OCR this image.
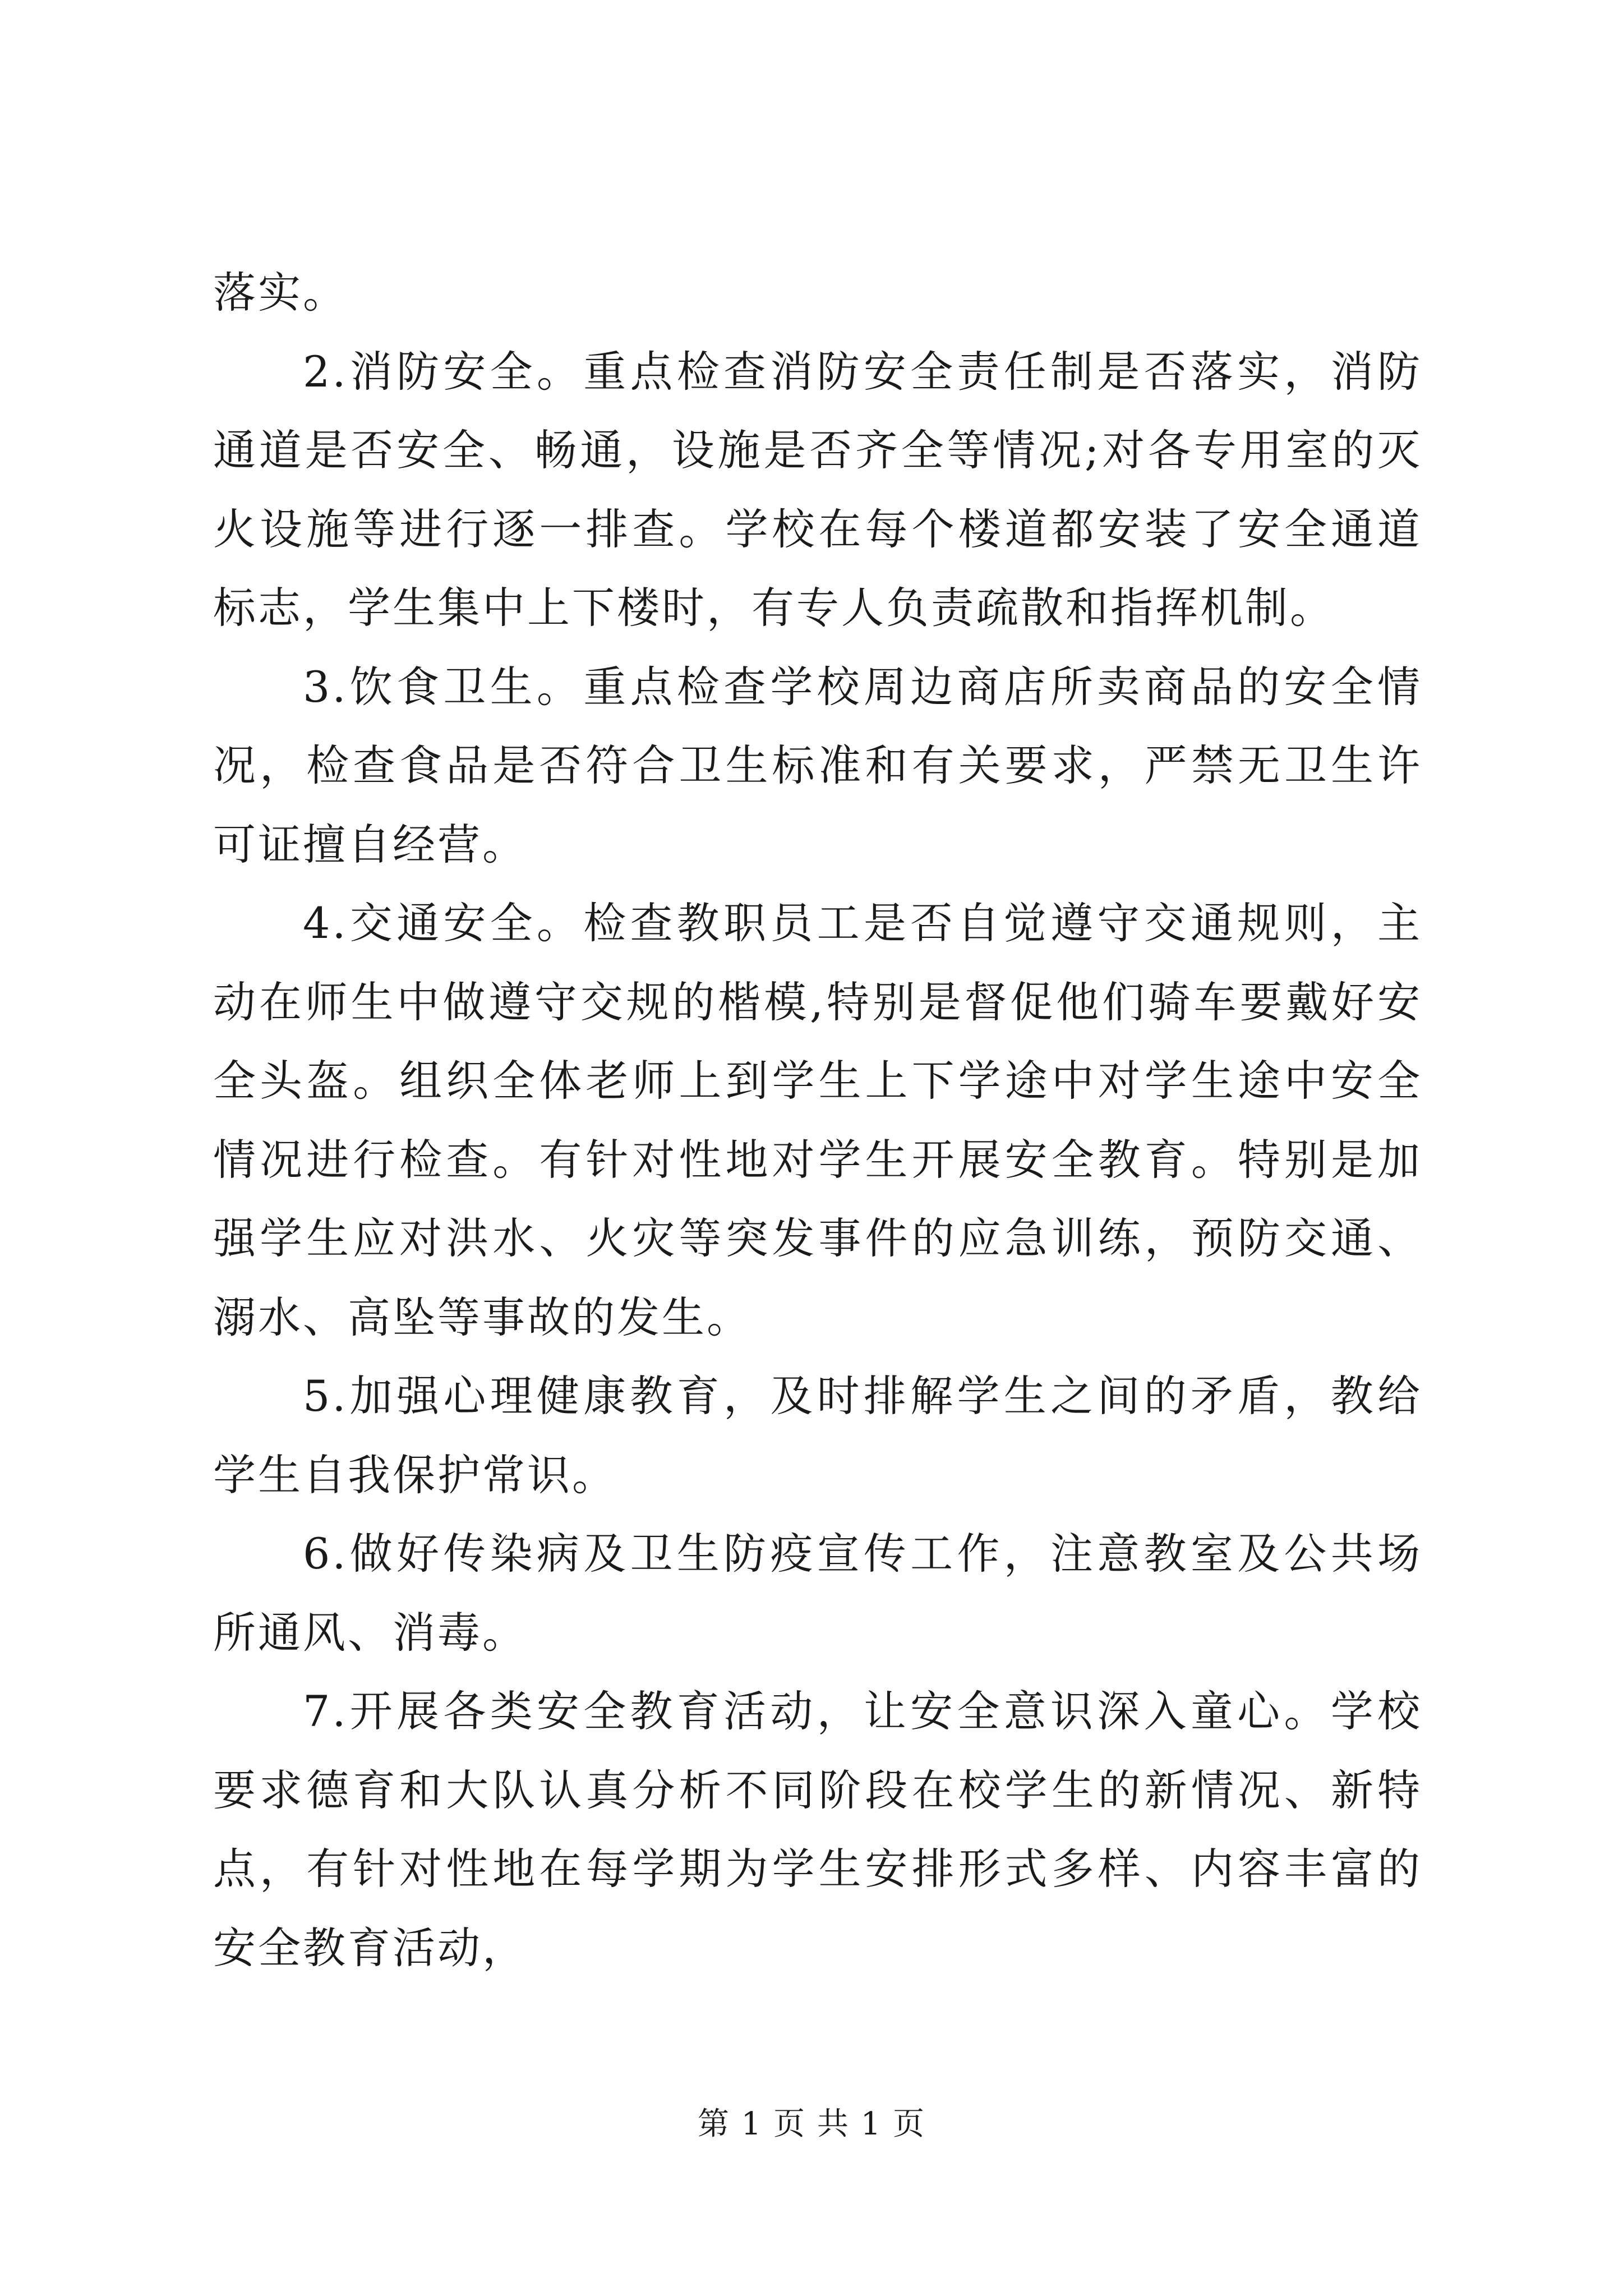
落实。

2.消防安全。重点检查消防安全责任制是否落实，消防通道是否安全、畅通，设施是否齐全等情况;对各专用室的灭火设施等进行逐一排查。学校在每个楼道都安装了安全通道标志，学生集中上下楼时，有专人负责疏散和指挥机制。

3.饮食卫生。重点检查学校周边商店所卖商品的安全情况，检查食品是否符合卫生标准和有关要求，严禁无卫生许可证擅自经营。

4.交通安全。检查教职员工是否自觉遵守交通规则，主动在师生中做遵守交规的楷模,特别是督促他们骑车要戴好安全头盔。组织全体老师上到学生上下学途中对学生途中安全情况进行检查。有针对性地对学生开展安全教育。特别是加强学生应对洪水、火灾等突发事件的应急训练，预防交通、溺水、高坠等事故的发生。

5.加强心理健康教育，及时排解学生之间的矛盾，教给学生自我保护常识。

6.做好传染病及卫生防疫宣传工作，注意教室及公共场所通风、消毒。

7.开展各类安全教育活动，让安全意识深入童心。学校要求德育和大队认真分析不同阶段在校学生的新情况、新特点，有针对性地在每学期为学生安排形式多样、内容丰富的安全教育活动，

第 1 页 共 1 页
